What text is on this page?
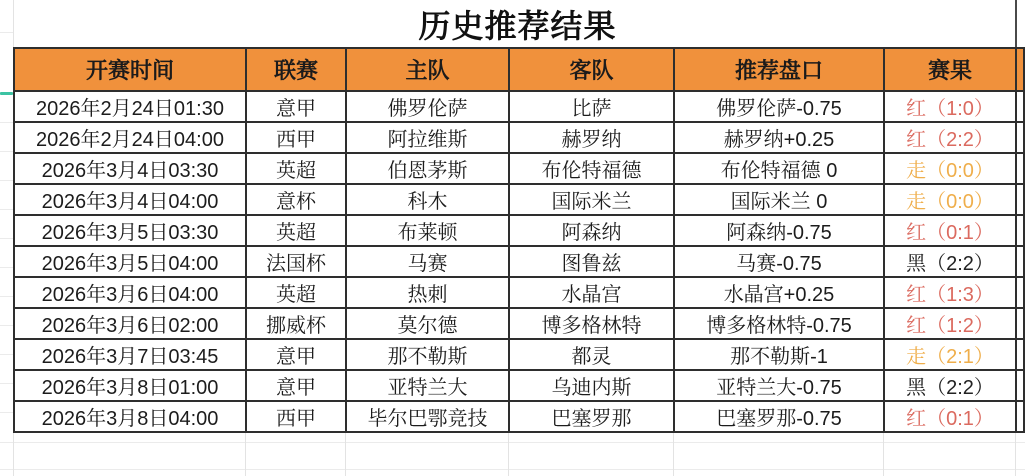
历史推荐结果
开赛时间	联赛	主队	客队	推荐盘口	赛果	
2026年2月24日01:30	意甲	佛罗伦萨	比萨	佛罗伦萨-0.75	红（1:0）	
2026年2月24日04:00	西甲	阿拉维斯	赫罗纳	赫罗纳+0.25	红（2:2）	
2026年3月4日03:30	英超	伯恩茅斯	布伦特福德	布伦特福德 0	走（0:0）	
2026年3月4日04:00	意杯	科木	国际米兰	国际米兰 0	走（0:0）	
2026年3月5日03:30	英超	布莱顿	阿森纳	阿森纳-0.75	红（0:1）	
2026年3月5日04:00	法国杯	马赛	图鲁兹	马赛-0.75	黑（2:2）	
2026年3月6日04:00	英超	热刺	水晶宫	水晶宫+0.25	红（1:3）	
2026年3月6日02:00	挪威杯	莫尔德	博多格林特	博多格林特-0.75	红（1:2）	
2026年3月7日03:45	意甲	那不勒斯	都灵	那不勒斯-1	走（2:1）	
2026年3月8日01:00	意甲	亚特兰大	乌迪内斯	亚特兰大-0.75	黑（2:2）	
2026年3月8日04:00	西甲	毕尔巴鄂竞技	巴塞罗那	巴塞罗那-0.75	红（0:1）	
